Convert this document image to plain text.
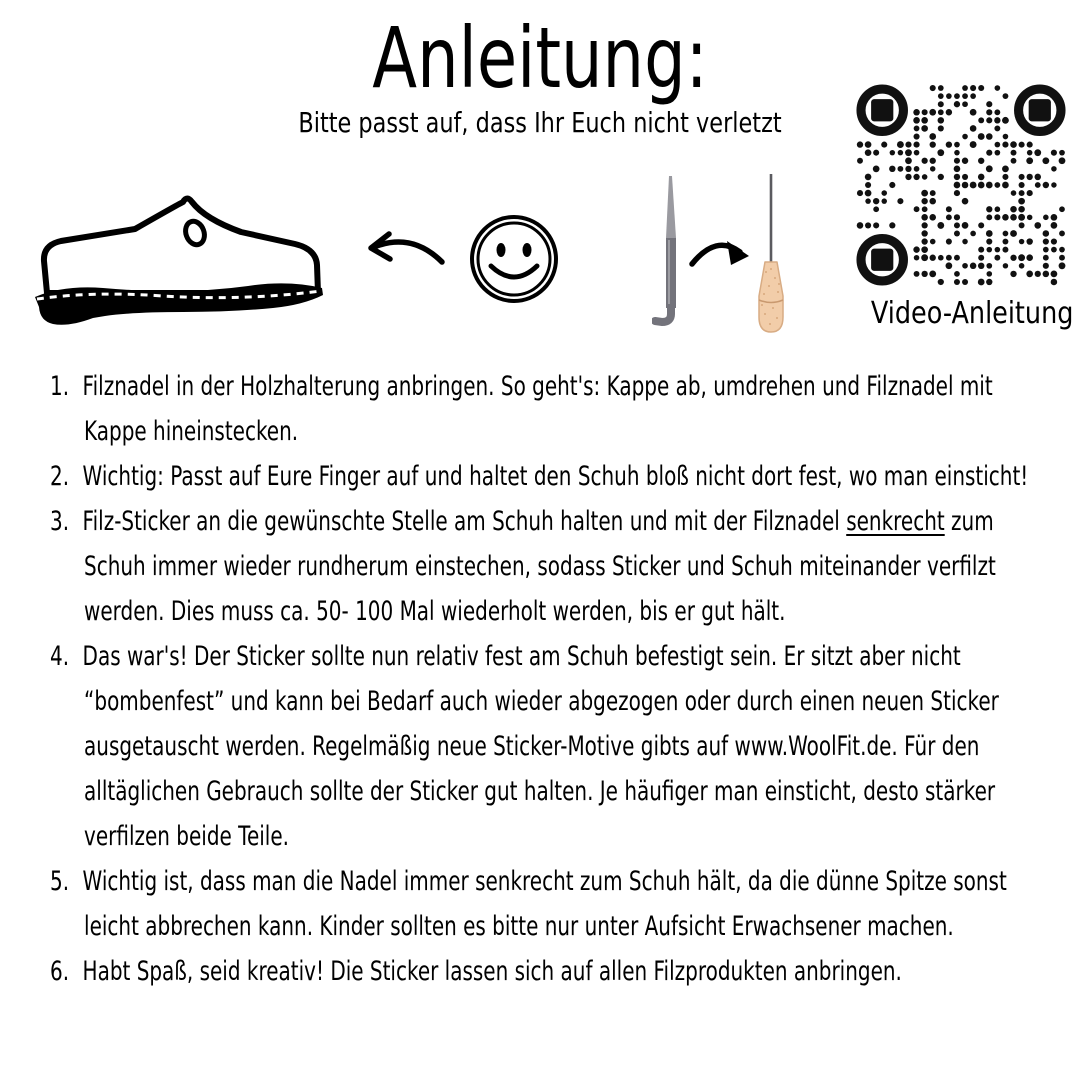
Anleitung:
Bitte passt auf, dass Ihr Euch nicht verletzt
Video-Anleitung
1. Filznadel in der Holzhalterung anbringen. So geht's: Kappe ab, umdrehen und Filznadel mit Kappe hineinstecken.
2. Wichtig: Passt auf Eure Finger auf und haltet den Schuh bloß nicht dort fest, wo man einsticht!
3. Filz-Sticker an die gewünschte Stelle am Schuh halten und mit der Filznadel senkrecht zum Schuh immer wieder rundherum einstechen, sodass Sticker und Schuh miteinander verfilzt werden. Dies muss ca. 50- 100 Mal wiederholt werden, bis er gut hält.
4. Das war's! Der Sticker sollte nun relativ fest am Schuh befestigt sein. Er sitzt aber nicht “bombenfest” und kann bei Bedarf auch wieder abgezogen oder durch einen neuen Sticker ausgetauscht werden. Regelmäßig neue Sticker-Motive gibts auf www.WoolFit.de. Für den alltäglichen Gebrauch sollte der Sticker gut halten. Je häufiger man einsticht, desto stärker verfilzen beide Teile.
5. Wichtig ist, dass man die Nadel immer senkrecht zum Schuh hält, da die dünne Spitze sonst leicht abbrechen kann. Kinder sollten es bitte nur unter Aufsicht Erwachsener machen.
6. Habt Spaß, seid kreativ! Die Sticker lassen sich auf allen Filzprodukten anbringen.
